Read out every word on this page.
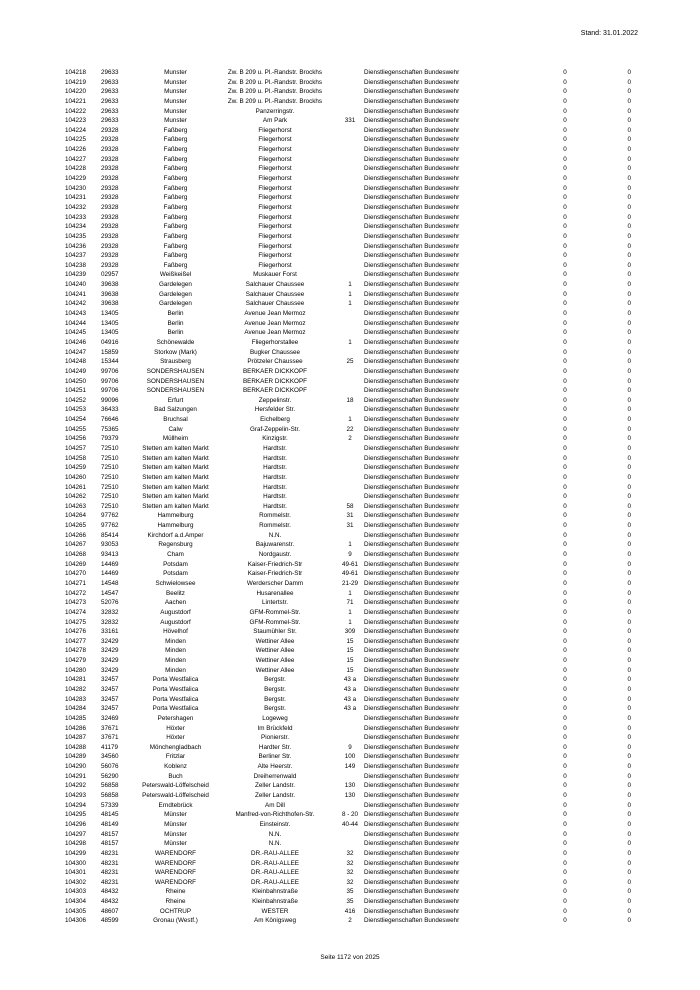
Stand: 31.01.2022
104218	29633	Munster	Zw. B 209 u. Pl.-Randstr. Brockhs		Dienstliegenschaften Bundeswehr	0	0
104219	29633	Munster	Zw. B 209 u. Pl.-Randstr. Brockhs		Dienstliegenschaften Bundeswehr	0	0
104220	29633	Munster	Zw. B 209 u. Pl.-Randstr. Brockhs		Dienstliegenschaften Bundeswehr	0	0
104221	29633	Munster	Zw. B 209 u. Pl.-Randstr. Brockhs		Dienstliegenschaften Bundeswehr	0	0
104222	29633	Munster	Panzerringstr.		Dienstliegenschaften Bundeswehr	0	0
104223	29633	Munster	Am Park	331	Dienstliegenschaften Bundeswehr	0	0
104224	29328	Faßberg	Fliegerhorst		Dienstliegenschaften Bundeswehr	0	0
104225	29328	Faßberg	Fliegerhorst		Dienstliegenschaften Bundeswehr	0	0
104226	29328	Faßberg	Fliegerhorst		Dienstliegenschaften Bundeswehr	0	0
104227	29328	Faßberg	Fliegerhorst		Dienstliegenschaften Bundeswehr	0	0
104228	29328	Faßberg	Fliegerhorst		Dienstliegenschaften Bundeswehr	0	0
104229	29328	Faßberg	Fliegerhorst		Dienstliegenschaften Bundeswehr	0	0
104230	29328	Faßberg	Fliegerhorst		Dienstliegenschaften Bundeswehr	0	0
104231	29328	Faßberg	Fliegerhorst		Dienstliegenschaften Bundeswehr	0	0
104232	29328	Faßberg	Fliegerhorst		Dienstliegenschaften Bundeswehr	0	0
104233	29328	Faßberg	Fliegerhorst		Dienstliegenschaften Bundeswehr	0	0
104234	29328	Faßberg	Fliegerhorst		Dienstliegenschaften Bundeswehr	0	0
104235	29328	Faßberg	Fliegerhorst		Dienstliegenschaften Bundeswehr	0	0
104236	29328	Faßberg	Fliegerhorst		Dienstliegenschaften Bundeswehr	0	0
104237	29328	Faßberg	Fliegerhorst		Dienstliegenschaften Bundeswehr	0	0
104238	29328	Faßberg	Fliegerhorst		Dienstliegenschaften Bundeswehr	0	0
104239	02957	Weißkeißel	Muskauer Forst		Dienstliegenschaften Bundeswehr	0	0
104240	39638	Gardelegen	Salchauer Chaussee	1	Dienstliegenschaften Bundeswehr	0	0
104241	39638	Gardelegen	Salchauer Chaussee	1	Dienstliegenschaften Bundeswehr	0	0
104242	39638	Gardelegen	Salchauer Chaussee	1	Dienstliegenschaften Bundeswehr	0	0
104243	13405	Berlin	Avenue Jean Mermoz		Dienstliegenschaften Bundeswehr	0	0
104244	13405	Berlin	Avenue Jean Mermoz		Dienstliegenschaften Bundeswehr	0	0
104245	13405	Berlin	Avenue Jean Mermoz		Dienstliegenschaften Bundeswehr	0	0
104246	04916	Schönewalde	Fliegerhorstallee	1	Dienstliegenschaften Bundeswehr	0	0
104247	15859	Storkow (Mark)	Bugker Chaussee		Dienstliegenschaften Bundeswehr	0	0
104248	15344	Strausberg	Prötzeler Chaussee	25	Dienstliegenschaften Bundeswehr	0	0
104249	99706	SONDERSHAUSEN	BERKAER DICKKOPF		Dienstliegenschaften Bundeswehr	0	0
104250	99706	SONDERSHAUSEN	BERKAER DICKKOPF		Dienstliegenschaften Bundeswehr	0	0
104251	99706	SONDERSHAUSEN	BERKAER DICKKOPF		Dienstliegenschaften Bundeswehr	0	0
104252	99096	Erfurt	Zeppelinstr.	18	Dienstliegenschaften Bundeswehr	0	0
104253	36433	Bad Salzungen	Hersfelder Str.		Dienstliegenschaften Bundeswehr	0	0
104254	76646	Bruchsal	Eichelberg	1	Dienstliegenschaften Bundeswehr	0	0
104255	75365	Calw	Graf-Zeppelin-Str.	22	Dienstliegenschaften Bundeswehr	0	0
104256	79379	Müllheim	Kinzigstr.	2	Dienstliegenschaften Bundeswehr	0	0
104257	72510	Stetten am kalten Markt	Hardtstr.		Dienstliegenschaften Bundeswehr	0	0
104258	72510	Stetten am kalten Markt	Hardtstr.		Dienstliegenschaften Bundeswehr	0	0
104259	72510	Stetten am kalten Markt	Hardtstr.		Dienstliegenschaften Bundeswehr	0	0
104260	72510	Stetten am kalten Markt	Hardtstr.		Dienstliegenschaften Bundeswehr	0	0
104261	72510	Stetten am kalten Markt	Hardtstr.		Dienstliegenschaften Bundeswehr	0	0
104262	72510	Stetten am kalten Markt	Hardtstr.		Dienstliegenschaften Bundeswehr	0	0
104263	72510	Stetten am kalten Markt	Hardtstr.	58	Dienstliegenschaften Bundeswehr	0	0
104264	97762	Hammelburg	Rommelstr.	31	Dienstliegenschaften Bundeswehr	0	0
104265	97762	Hammelburg	Rommelstr.	31	Dienstliegenschaften Bundeswehr	0	0
104266	85414	Kirchdorf a.d.Amper	N.N.		Dienstliegenschaften Bundeswehr	0	0
104267	93053	Regensburg	Bajuwarenstr.	1	Dienstliegenschaften Bundeswehr	0	0
104268	93413	Cham	Nordgaustr.	9	Dienstliegenschaften Bundeswehr	0	0
104269	14469	Potsdam	Kaiser-Friedrich-Str	49-61	Dienstliegenschaften Bundeswehr	0	0
104270	14469	Potsdam	Kaiser-Friedrich-Str	49-61	Dienstliegenschaften Bundeswehr	0	0
104271	14548	Schwielowsee	Werderscher Damm	21-29	Dienstliegenschaften Bundeswehr	0	0
104272	14547	Beelitz	Husarenallee	1	Dienstliegenschaften Bundeswehr	0	0
104273	52076	Aachen	Lintertstr.	71	Dienstliegenschaften Bundeswehr	0	0
104274	32832	Augustdorf	GFM-Rommel-Str.	1	Dienstliegenschaften Bundeswehr	0	0
104275	32832	Augustdorf	GFM-Rommel-Str.	1	Dienstliegenschaften Bundeswehr	0	0
104276	33161	Hövelhof	Staumühler Str.	309	Dienstliegenschaften Bundeswehr	0	0
104277	32429	Minden	Wettiner Allee	15	Dienstliegenschaften Bundeswehr	0	0
104278	32429	Minden	Wettiner Allee	15	Dienstliegenschaften Bundeswehr	0	0
104279	32429	Minden	Wettiner Allee	15	Dienstliegenschaften Bundeswehr	0	0
104280	32429	Minden	Wettiner Allee	15	Dienstliegenschaften Bundeswehr	0	0
104281	32457	Porta Westfalica	Bergstr.	43 a	Dienstliegenschaften Bundeswehr	0	0
104282	32457	Porta Westfalica	Bergstr.	43 a	Dienstliegenschaften Bundeswehr	0	0
104283	32457	Porta Westfalica	Bergstr.	43 a	Dienstliegenschaften Bundeswehr	0	0
104284	32457	Porta Westfalica	Bergstr.	43 a	Dienstliegenschaften Bundeswehr	0	0
104285	32469	Petershagen	Logeweg		Dienstliegenschaften Bundeswehr	0	0
104286	37671	Höxter	Im Brückfeld		Dienstliegenschaften Bundeswehr	0	0
104287	37671	Höxter	Pionierstr.		Dienstliegenschaften Bundeswehr	0	0
104288	41179	Mönchengladbach	Hardter Str.	9	Dienstliegenschaften Bundeswehr	0	0
104289	34560	Fritzlar	Berliner Str.	100	Dienstliegenschaften Bundeswehr	0	0
104290	56076	Koblenz	Alte Heerstr.	149	Dienstliegenschaften Bundeswehr	0	0
104291	56290	Buch	Dreiherrenwald		Dienstliegenschaften Bundeswehr	0	0
104292	56858	Peterswald-Löffelscheid	Zeller Landstr.	130	Dienstliegenschaften Bundeswehr	0	0
104293	56858	Peterswald-Löffelscheid	Zeller Landstr.	130	Dienstliegenschaften Bundeswehr	0	0
104294	57339	Erndtebrück	Am Dill		Dienstliegenschaften Bundeswehr	0	0
104295	48145	Münster	Manfred-von-Richthofen-Str.	8 - 20	Dienstliegenschaften Bundeswehr	0	0
104296	48149	Münster	Einsteinstr.	40-44	Dienstliegenschaften Bundeswehr	0	0
104297	48157	Münster	N.N.		Dienstliegenschaften Bundeswehr	0	0
104298	48157	Münster	N.N.		Dienstliegenschaften Bundeswehr	0	0
104299	48231	WARENDORF	DR.-RAU-ALLEE	32	Dienstliegenschaften Bundeswehr	0	0
104300	48231	WARENDORF	DR.-RAU-ALLEE	32	Dienstliegenschaften Bundeswehr	0	0
104301	48231	WARENDORF	DR.-RAU-ALLEE	32	Dienstliegenschaften Bundeswehr	0	0
104302	48231	WARENDORF	DR.-RAU-ALLEE	32	Dienstliegenschaften Bundeswehr	0	0
104303	48432	Rheine	Kleinbahnstraße	35	Dienstliegenschaften Bundeswehr	0	0
104304	48432	Rheine	Kleinbahnstraße	35	Dienstliegenschaften Bundeswehr	0	0
104305	48607	OCHTRUP	WESTER	416	Dienstliegenschaften Bundeswehr	0	0
104306	48599	Gronau (Westf.)	Am Königsweg	2	Dienstliegenschaften Bundeswehr	0	0
Seite 1172 von 2025
